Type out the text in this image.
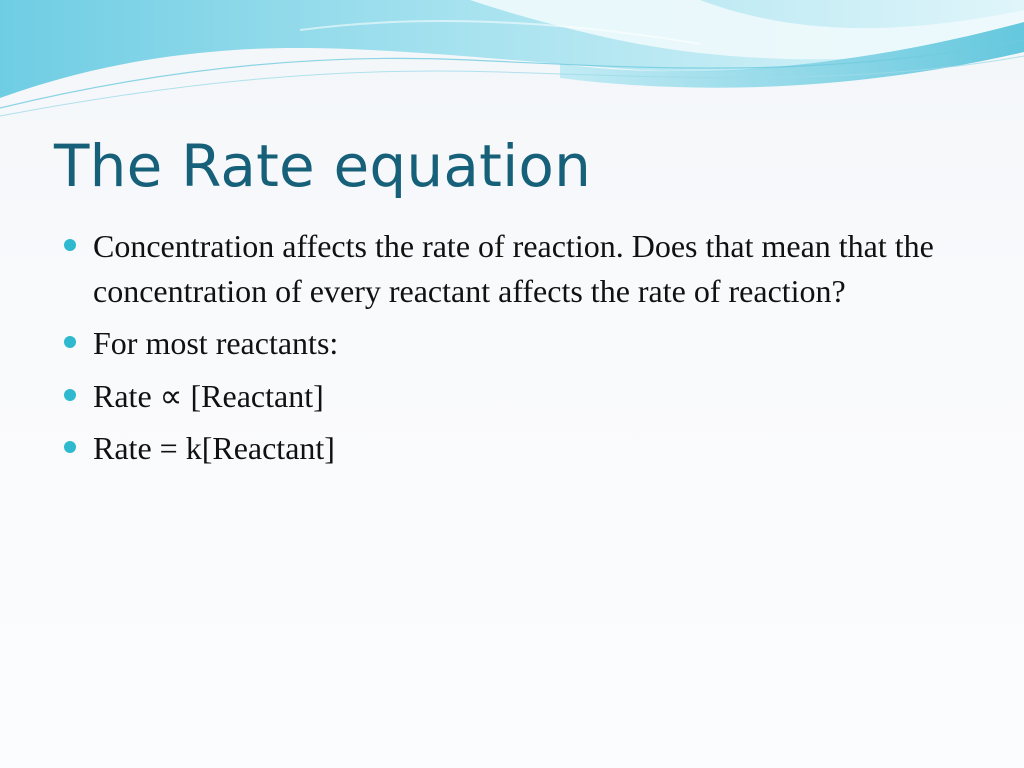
The Rate equation
Concentration affects the rate of reaction. Does that mean that the concentration of every reactant affects the rate of reaction?
For most reactants:
Rate ∝ [Reactant]
Rate = k[Reactant]
